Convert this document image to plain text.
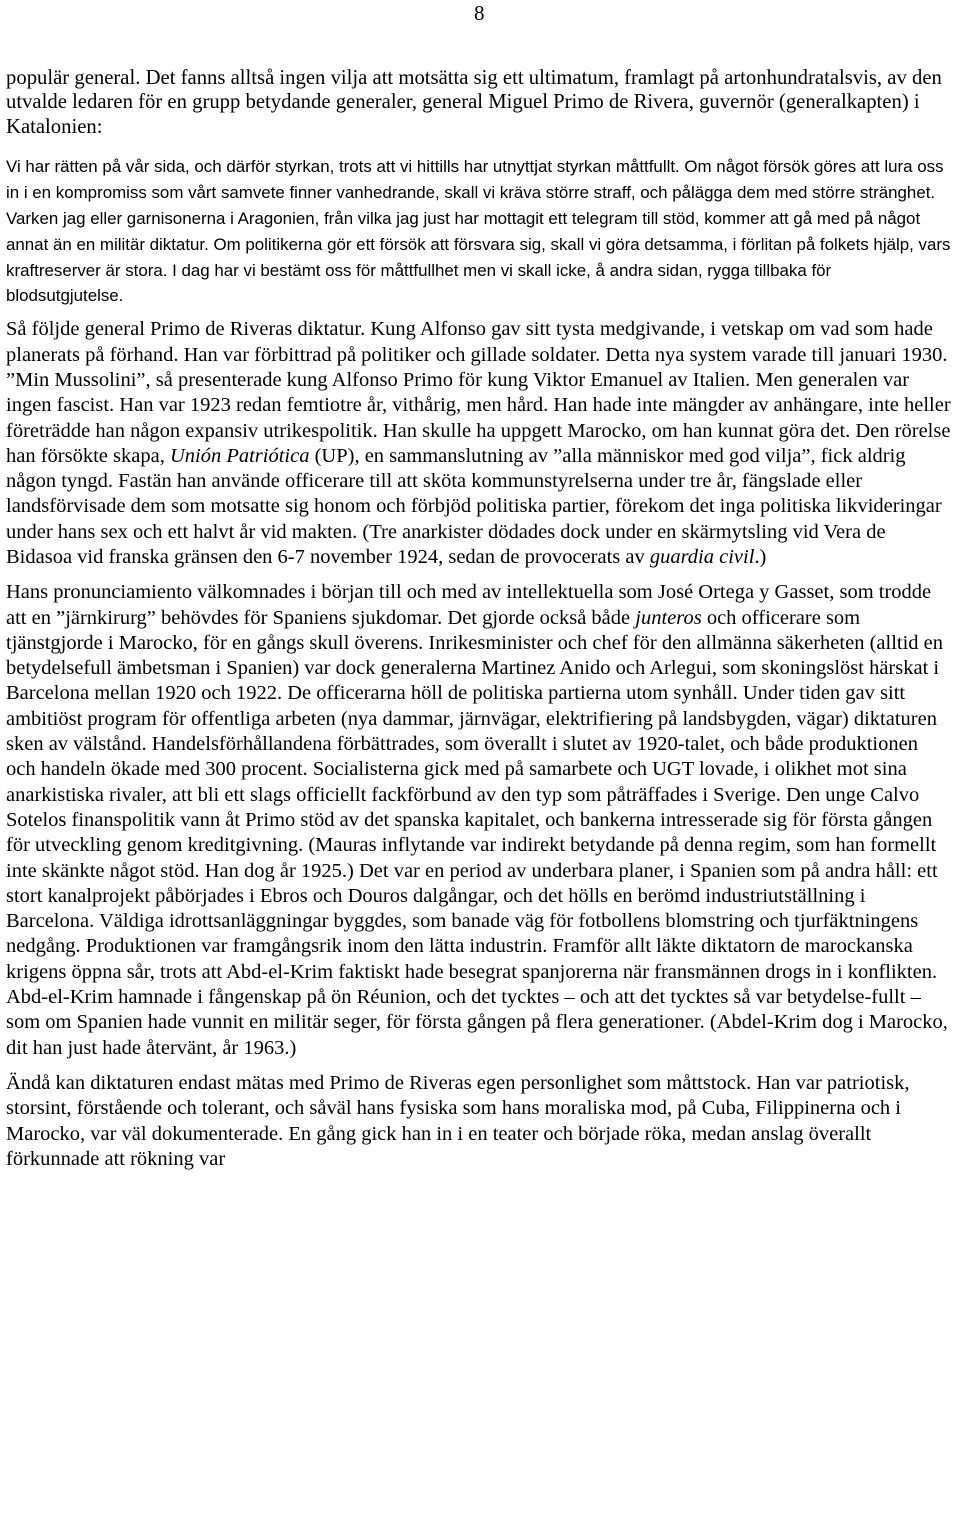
8

populär general. Det fanns alltså ingen vilja att motsätta sig ett ultimatum, framlagt på artonhundratalsvis, av den utvalde ledaren för en grupp betydande generaler, general Miguel Primo de Rivera, guvernör (generalkapten) i Katalonien:

Vi har rätten på vår sida, och därför styrkan, trots att vi hittills har utnyttjat styrkan måttfullt. Om något försök göres att lura oss in i en kompromiss som vårt samvete finner vanhedrande, skall vi kräva större straff, och pålägga dem med större stränghet. Varken jag eller garnisonerna i Aragonien, från vilka jag just har mottagit ett telegram till stöd, kommer att gå med på något annat än en militär diktatur. Om politikerna gör ett försök att försvara sig, skall vi göra detsamma, i förlitan på folkets hjälp, vars kraftreserver är stora. I dag har vi bestämt oss för måttfullhet men vi skall icke, å andra sidan, rygga tillbaka för blodsutgjutelse.

Så följde general Primo de Riveras diktatur. Kung Alfonso gav sitt tysta medgivande, i vetskap om vad som hade planerats på förhand. Han var förbittrad på politiker och gillade soldater. Detta nya system varade till januari 1930. ”Min Mussolini”, så presenterade kung Alfonso Primo för kung Viktor Emanuel av Italien. Men generalen var ingen fascist. Han var 1923 redan femtiotre år, vithårig, men hård. Han hade inte mängder av anhängare, inte heller företrädde han någon expansiv utrikespolitik. Han skulle ha uppgett Marocko, om han kunnat göra det. Den rörelse han försökte skapa, Unión Patriótica (UP), en sammanslutning av ”alla människor med god vilja”, fick aldrig någon tyngd. Fastän han använde officerare till att sköta kommunstyrelserna under tre år, fängslade eller landsförvisade dem som motsatte sig honom och förbjöd politiska partier, förekom det inga politiska likvideringar under hans sex och ett halvt år vid makten. (Tre anarkister dödades dock under en skärmytsling vid Vera de Bidasoa vid franska gränsen den 6-7 november 1924, sedan de provocerats av guardia civil.)

Hans pronunciamiento välkomnades i början till och med av intellektuella som José Ortega y Gasset, som trodde att en ”järnkirurg” behövdes för Spaniens sjukdomar. Det gjorde också både junteros och officerare som tjänstgjorde i Marocko, för en gångs skull överens. Inrikesminister och chef för den allmänna säkerheten (alltid en betydelsefull ämbetsman i Spanien) var dock generalerna Martinez Anido och Arlegui, som skoningslöst härskat i Barcelona mellan 1920 och 1922. De officerarna höll de politiska partierna utom synhåll. Under tiden gav sitt ambitiöst program för offentliga arbeten (nya dammar, järnvägar, elektrifiering på landsbygden, vägar) diktaturen sken av välstånd. Handelsförhållandena förbättrades, som överallt i slutet av 1920-talet, och både produktionen och handeln ökade med 300 procent. Socialisterna gick med på samarbete och UGT lovade, i olikhet mot sina anarkistiska rivaler, att bli ett slags officiellt fackförbund av den typ som påträffades i Sverige. Den unge Calvo Sotelos finanspolitik vann åt Primo stöd av det spanska kapitalet, och bankerna intresserade sig för första gången för utveckling genom kreditgivning. (Mauras inflytande var indirekt betydande på denna regim, som han formellt inte skänkte något stöd. Han dog år 1925.) Det var en period av underbara planer, i Spanien som på andra håll: ett stort kanalprojekt påbörjades i Ebros och Douros dalgångar, och det hölls en berömd industriutställning i Barcelona. Väldiga idrottsanläggningar byggdes, som banade väg för fotbollens blomstring och tjurfäktningens nedgång. Produktionen var framgångsrik inom den lätta industrin. Framför allt läkte diktatorn de marockanska krigens öppna sår, trots att Abd-el-Krim faktiskt hade besegrat spanjorerna när fransmännen drogs in i konflikten. Abd-el-Krim hamnade i fångenskap på ön Réunion, och det tycktes – och att det tycktes så var betydelse-fullt – som om Spanien hade vunnit en militär seger, för första gången på flera generationer. (Abdel-Krim dog i Marocko, dit han just hade återvänt, år 1963.)

Ändå kan diktaturen endast mätas med Primo de Riveras egen personlighet som måttstock. Han var patriotisk, storsint, förstående och tolerant, och såväl hans fysiska som hans moraliska mod, på Cuba, Filippinerna och i Marocko, var väl dokumenterade. En gång gick han in i en teater och började röka, medan anslag överallt förkunnade att rökning var
